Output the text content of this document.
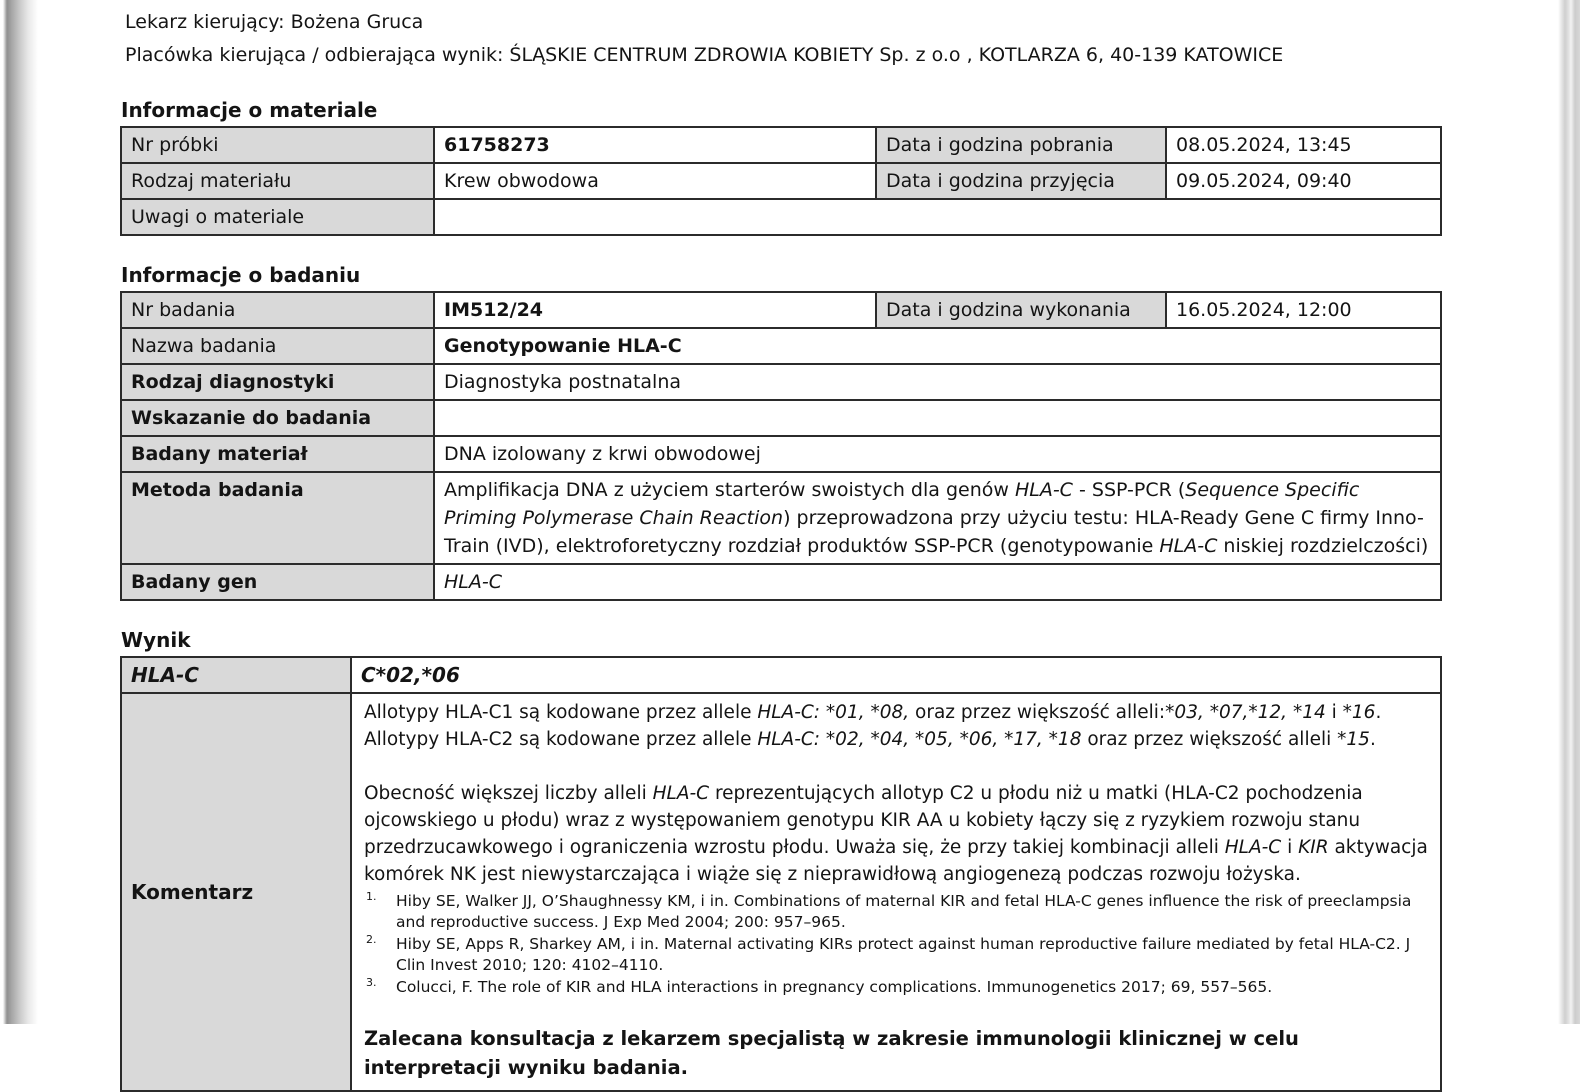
Lekarz kierujący: Bożena Gruca
Placówka kierująca / odbierająca wynik: ŚLĄSKIE CENTRUM ZDROWIA KOBIETY Sp. z o.o , KOTLARZA 6, 40-139 KATOWICE
Informacje o materiale
Nr próbki	61758273	Data i godzina pobrania	08.05.2024, 13:45
Rodzaj materiału	Krew obwodowa	Data i godzina przyjęcia	09.05.2024, 09:40
Uwagi o materiale			
Informacje o badaniu
Nr badania	IM512/24	Data i godzina wykonania	16.05.2024, 12:00
Nazwa badania	Genotypowanie HLA-C		
Rodzaj diagnostyki	Diagnostyka postnatalna		
Wskazanie do badania			
Badany materiał	DNA izolowany z krwi obwodowej		
Metoda badania	Amplifikacja DNA z użyciem starterów swoistych dla genów HLA-C - SSP-PCR (Sequence Specific Priming Polymerase Chain Reaction) przeprowadzona przy użyciu testu: HLA-Ready Gene C firmy Inno-Train (IVD), elektroforetyczny rozdział produktów SSP-PCR (genotypowanie HLA-C niskiej rozdzielczości)		
Badany gen	HLA-C		
Wynik
HLA-C	C*02,*06
Komentarz	
Allotypy HLA-C1 są kodowane przez allele HLA-C: *01, *08, oraz przez większość alleli:*03, *07,*12, *14 i *16.
Allotypy HLA-C2 są kodowane przez allele HLA-C: *02, *04, *05, *06, *17, *18 oraz przez większość alleli *15.
Obecność większej liczby alleli HLA-C reprezentujących allotyp C2 u płodu niż u matki (HLA-C2 pochodzenia ojcowskiego u płodu) wraz z występowaniem genotypu KIR AA u kobiety łączy się z ryzykiem rozwoju stanu przedrzucawkowego i ograniczenia wzrostu płodu. Uważa się, że przy takiej kombinacji alleli HLA-C i KIR aktywacja komórek NK jest niewystarczająca i wiąże się z nieprawidłową angiogenezą podczas rozwoju łożyska.
1. Hiby SE, Walker JJ, O’Shaughnessy KM, i in. Combinations of maternal KIR and fetal HLA-C genes influence the risk of preeclampsia and reproductive success. J Exp Med 2004; 200: 957–965.
2. Hiby SE, Apps R, Sharkey AM, i in. Maternal activating KIRs protect against human reproductive failure mediated by fetal HLA-C2. J Clin Invest 2010; 120: 4102–4110.
3. Colucci, F. The role of KIR and HLA interactions in pregnancy complications. Immunogenetics 2017; 69, 557–565.
Zalecana konsultacja z lekarzem specjalistą w zakresie immunologii klinicznej w celu interpretacji wyniku badania.
